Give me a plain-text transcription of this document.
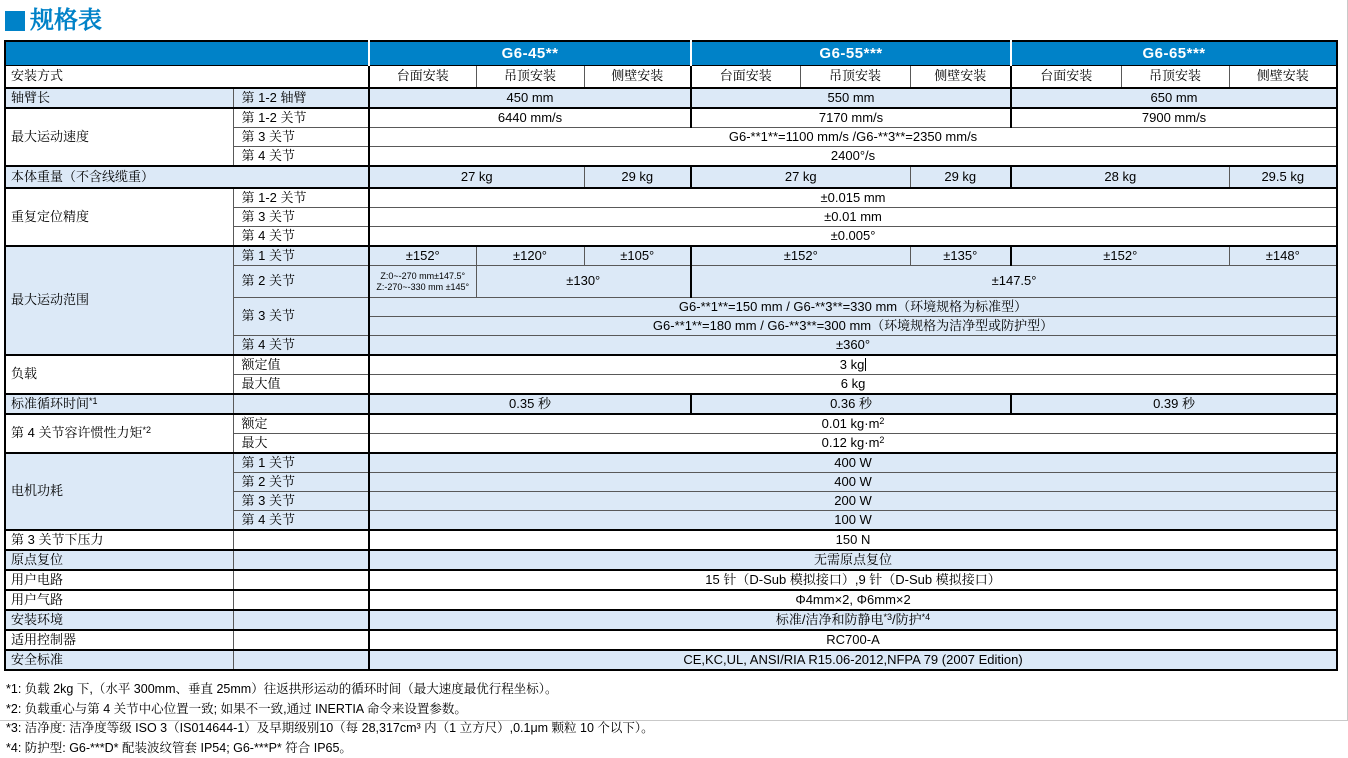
规格表
		G6-45**			G6-55***			G6-65***		
安装方式		台面安装	吊顶安装	侧壁安装	台面安装	吊顶安装	侧壁安装	台面安装	吊顶安装	侧壁安装
轴臂长	第 1-2 轴臂	450 mm			550 mm			650 mm		
最大运动速度	第 1-2 关节	6440 mm/s			7170 mm/s			7900 mm/s		
	第 3 关节	G6-**1**=1100 mm/s /G6-**3**=2350 mm/s								
	第 4 关节	2400°/s								
本体重量（不含线缆重）		27 kg		29 kg	27 kg		29 kg	28 kg		29.5 kg
重复定位精度	第 1-2 关节	±0.015 mm								
	第 3 关节	±0.01 mm								
	第 4 关节	±0.005°								
最大运动范围	第 1 关节	±152°	±120°	±105°	±152°		±135°	±152°		±148°
	第 2 关节	Z:0~-270 mm±147.5°
Z:-270~-330 mm ±145°	±130°		±147.5°					
	第 3 关节	G6-**1**=150 mm / G6-**3**=330 mm（环境规格为标准型）								
		G6-**1**=180 mm / G6-**3**=300 mm（环境规格为洁净型或防护型）								
	第 4 关节	±360°								
负载	额定值	3 kg								
	最大值	6 kg								
标准循环时间$^{*1}$		0.35 秒			0.36 秒			0.39 秒		
第 4 关节容许惯性力矩$^{*2}$	额定	0.01 $kg\cdot m^2$
	最大	0.12 $kg\cdot m^2$
电机功耗	第 1 关节	400 W								
	第 2 关节	400 W								
	第 3 关节	200 W								
	第 4 关节	100 W								
第 3 关节下压力		150 N								
原点复位		无需原点复位								
用户电路		15 针（D-Sub 模拟接口）,9 针（D-Sub 模拟接口）								
用户气路		Φ4mm×2, Φ6mm×2								
安装环境		标准/洁净和防静电$^{*3}$/防护$^{*4}$
适用控制器		RC700-A								
安全标准		CE,KC,UL, ANSI/RIA R15.06-2012,NFPA 79 (2007 Edition)								
*1: 负载 2kg 下,（水平 300mm、垂直 25mm）往返拱形运动的循环时间（最大速度最优行程坐标）。
*2: 负载重心与第 4 关节中心位置一致; 如果不一致,通过 INERTIA 命令来设置参数。
*3: 洁净度: 洁净度等级 ISO 3（IS014644-1）及早期级别10（每 28,317cm³ 内（1 立方尺）,0.1μm 颗粒 10 个以下）。
*4: 防护型: G6-***D* 配装波纹管套 IP54; G6-***P* 符合 IP65。
